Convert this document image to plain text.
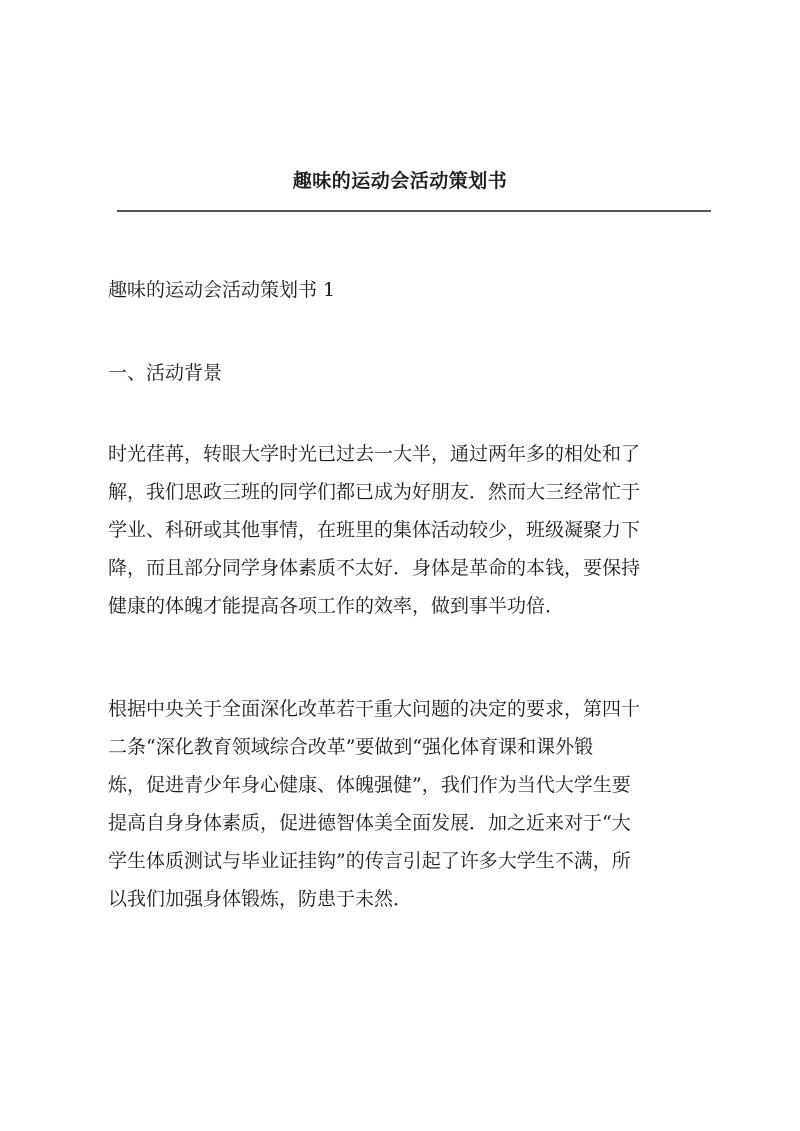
趣味的运动会活动策划书

趣味的运动会活动策划书 1

一、活动背景

时光荏苒，转眼大学时光已过去一大半，通过两年多的相处和了
解，我们思政三班的同学们都已成为好朋友．然而大三经常忙于
学业、科研或其他事情，在班里的集体活动较少，班级凝聚力下
降，而且部分同学身体素质不太好．身体是革命的本钱，要保持
健康的体魄才能提高各项工作的效率，做到事半功倍．

根据中央关于全面深化改革若干重大问题的决定的要求，第四十
二条“深化教育领域综合改革”要做到“强化体育课和课外锻
炼，促进青少年身心健康、体魄强健”，我们作为当代大学生要
提高自身身体素质，促进德智体美全面发展．加之近来对于“大
学生体质测试与毕业证挂钩”的传言引起了许多大学生不满，所
以我们加强身体锻炼，防患于未然．
